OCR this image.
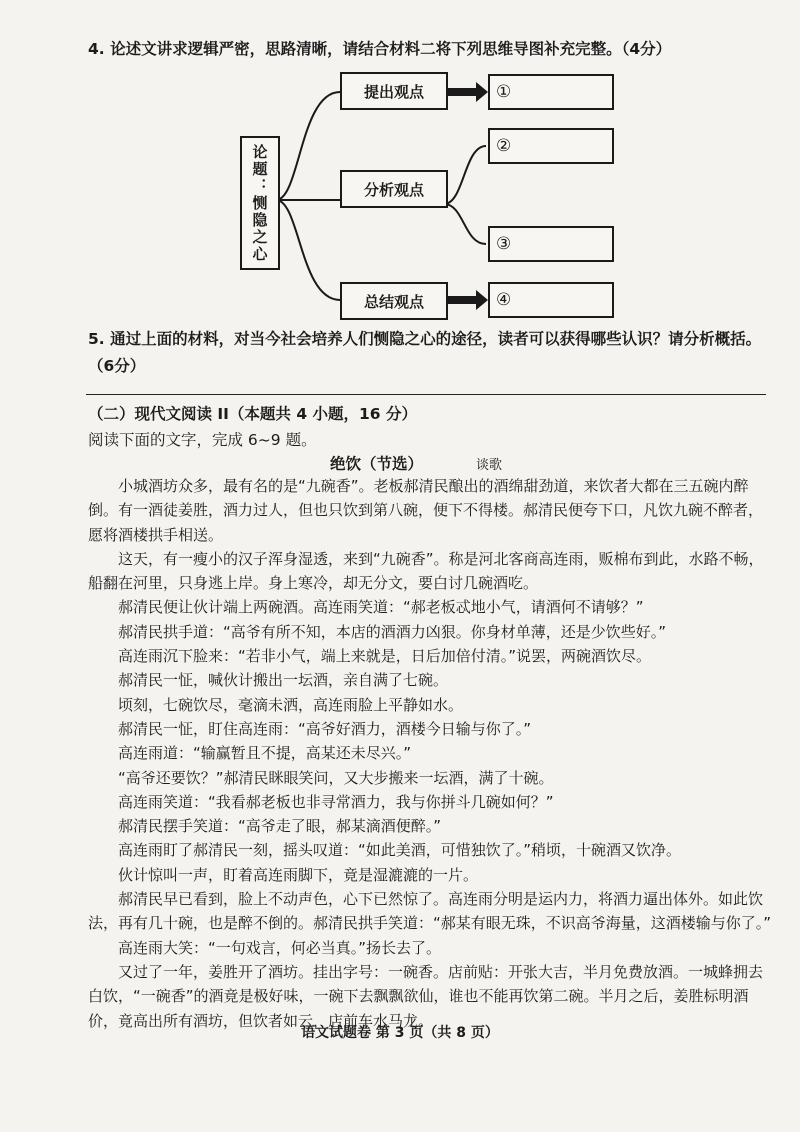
4. 论述文讲求逻辑严密，思路清晰，请结合材料二将下列思维导图补充完整。（4分）
论题：恻隐之心
提出观点
分析观点
总结观点
①
②
③
④
5. 通过上面的材料，对当今社会培养人们恻隐之心的途径，读者可以获得哪些认识？请分析概括。（6分）
（二）现代文阅读 II（本题共 4 小题，16 分）
阅读下面的文字，完成 6~9 题。
绝饮（节选）	谈歌

小城酒坊众多，最有名的是“九碗香”。老板郝清民酿出的酒绵甜劲道，来饮者大都在三五碗内醉倒。有一酒徒姜胜，酒力过人，但也只饮到第八碗，便下不得楼。郝清民便夸下口，凡饮九碗不醉者，愿将酒楼拱手相送。

这天，有一瘦小的汉子浑身湿透，来到“九碗香”。称是河北客商高连雨，贩棉布到此，水路不畅，船翻在河里，只身逃上岸。身上寒冷，却无分文，要白讨几碗酒吃。

郝清民便让伙计端上两碗酒。高连雨笑道：“郝老板忒地小气，请酒何不请够？”

郝清民拱手道：“高爷有所不知，本店的酒酒力凶狠。你身材单薄，还是少饮些好。”

高连雨沉下脸来：“若非小气，端上来就是，日后加倍付清。”说罢，两碗酒饮尽。

郝清民一怔，喊伙计搬出一坛酒，亲自满了七碗。

顷刻，七碗饮尽，毫滴未洒，高连雨脸上平静如水。

郝清民一怔，盯住高连雨：“高爷好酒力，酒楼今日输与你了。”

高连雨道：“输赢暂且不提，高某还未尽兴。”

“高爷还要饮？”郝清民眯眼笑问，又大步搬来一坛酒，满了十碗。

高连雨笑道：“我看郝老板也非寻常酒力，我与你拼斗几碗如何？”

郝清民摆手笑道：“高爷走了眼，郝某滴酒便醉。”

高连雨盯了郝清民一刻，摇头叹道：“如此美酒，可惜独饮了。”稍顷，十碗酒又饮净。

伙计惊叫一声，盯着高连雨脚下，竟是湿漉漉的一片。

郝清民早已看到，脸上不动声色，心下已然惊了。高连雨分明是运内力，将酒力逼出体外。如此饮法，再有几十碗，也是醉不倒的。郝清民拱手笑道：“郝某有眼无珠，不识高爷海量，这酒楼输与你了。”

高连雨大笑：“一句戏言，何必当真。”扬长去了。

又过了一年，姜胜开了酒坊。挂出字号：一碗香。店前贴：开张大吉，半月免费放酒。一城蜂拥去白饮，“一碗香”的酒竟是极好味，一碗下去飘飘欲仙，谁也不能再饮第二碗。半月之后，姜胜标明酒价，竟高出所有酒坊，但饮者如云，店前车水马龙。

语文试题卷 第 3 页（共 8 页）
